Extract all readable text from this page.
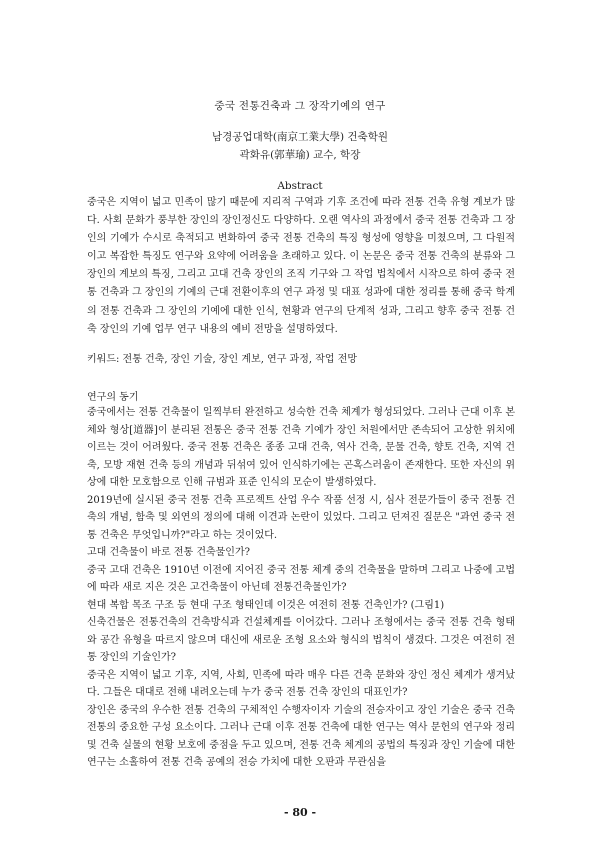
중국 전통건축과 그 장작기예의 연구
남경공업대학(南京工業大學) 건축학원
곽화유(郭華瑜) 교수, 학장
Abstract

중국은 지역이 넓고 민족이 많기 때문에 지리적 구역과 기후 조건에 따라 전통 건축 유형 계보가 많다. 사회 문화가 풍부한 장인의 장인정신도 다양하다. 오랜 역사의 과정에서 중국 전통 건축과 그 장인의 기예가 수시로 축적되고 변화하여 중국 전통 건축의 특징 형성에 영향을 미쳤으며, 그 다원적이고 복잡한 특징도 연구와 요약에 어려움을 초래하고 있다. 이 논문은 중국 전통 건축의 분류와 그 장인의 계보의 특징, 그리고 고대 건축 장인의 조직 기구와 그 작업 법칙에서 시작으로 하여 중국 전통 건축과 그 장인의 기예의 근대 전환이후의 연구 과정 및 대표 성과에 대한 정리를 통해 중국 학계의 전통 건축과 그 장인의 기예에 대한 인식, 현황과 연구의 단계적 성과, 그리고 향후 중국 전통 건축 장인의 기예 업무 연구 내용의 예비 전망을 설명하였다.

키워드: 전통 건축, 장인 기술, 장인 계보, 연구 과정, 작업 전망

연구의 동기

중국에서는 전통 건축물이 일찍부터 완전하고 성숙한 건축 체계가 형성되었다. 그러나 근대 이후 본체와 형상[道器]이 분리된 전통은 중국 전통 건축 기예가 장인 처원에서만 존속되어 고상한 위치에 이르는 것이 어려웠다. 중국 전통 건축은 종종 고대 건축, 역사 건축, 문물 건축, 향토 건축, 지역 건축, 모방 재현 건축 등의 개념과 뒤섞여 있어 인식하기에는 곤혹스러움이 존재한다. 또한 자신의 위상에 대한 모호함으로 인해 규범과 표준 인식의 모순이 발생하였다.
2019년에 실시된 중국 전통 건축 프로젝트 산업 우수 작품 선정 시, 심사 전문가들이 중국 전통 건축의 개념, 함축 및 외연의 정의에 대해 이견과 논란이 있었다. 그리고 던져진 질문은 "과연 중국 전통 건축은 무엇입니까?"라고 하는 것이었다.
고대 건축물이 바로 전통 건축물인가?
중국 고대 건축은 1910년 이전에 지어진 중국 전통 체계 중의 건축물을 말하며 그리고 나중에 고법에 따라 새로 지은 것은 고건축물이 아닌데 전통건축물인가?
현대 복합 목조 구조 등 현대 구조 형태인데 이것은 여전히 전통 건축인가? (그림1)
신축건물은 전통건축의 건축방식과 건설체계를 이어갔다. 그러나 조형에서는 중국 전통 건축 형태와 공간 유형을 따르지 않으며 대신에 새로운 조형 요소와 형식의 법칙이 생겼다. 그것은 여전히 전통 장인의 기술인가?
중국은 지역이 넓고 기후, 지역, 사회, 민족에 따라 매우 다른 건축 문화와 장인 정신 체계가 생겨났다. 그들은 대대로 전해 내려오는데 누가 중국 전통 건축 장인의 대표인가?
장인은 중국의 우수한 전통 건축의 구체적인 수행자이자 기술의 전승자이고 장인 기술은 중국 건축 전통의 중요한 구성 요소이다. 그러나 근대 이후 전통 건축에 대한 연구는 역사 문헌의 연구와 정리 및 건축 실물의 현황 보호에 중점을 두고 있으며, 전통 건축 체계의 공법의 특징과 장인 기술에 대한 연구는 소홀하여 전통 건축 공예의 전승 가치에 대한 오판과 무관심을
- 80 -
